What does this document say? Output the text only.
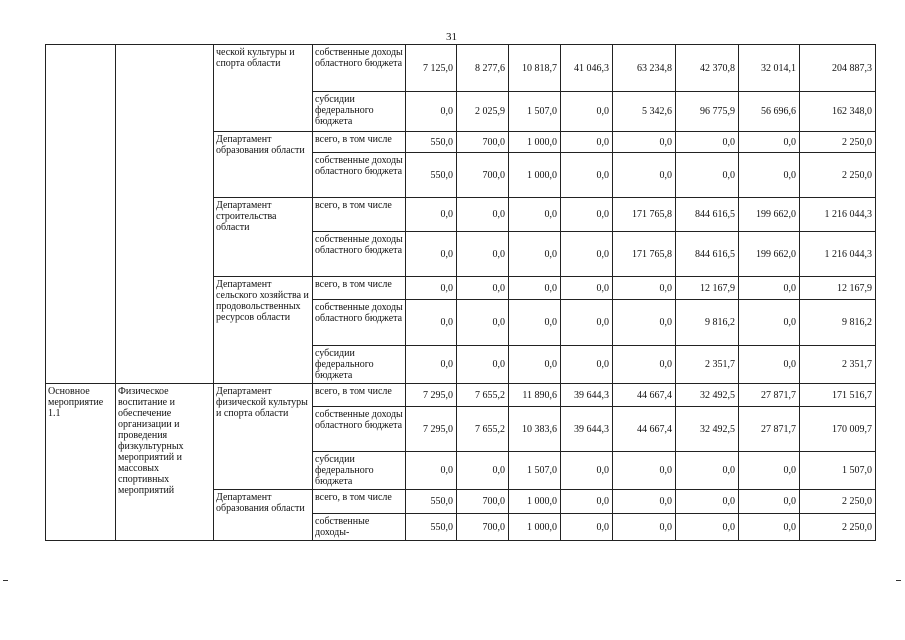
31
		ческой культуры и спорта области	собственные доходы областного бюджета	7 125,0	8 277,6	10 818,7	41 046,3	63 234,8	42 370,8	32 014,1	204 887,3
			субсидии федерального бюджета	0,0	2 025,9	1 507,0	0,0	5 342,6	96 775,9	56 696,6	162 348,0
		Департамент образования области	всего, в том числе	550,0	700,0	1 000,0	0,0	0,0	0,0	0,0	2 250,0
			собственные доходы областного бюджета	550,0	700,0	1 000,0	0,0	0,0	0,0	0,0	2 250,0
		Департамент строительства области	всего, в том числе	0,0	0,0	0,0	0,0	171 765,8	844 616,5	199 662,0	1 216 044,3
			собственные доходы областного бюджета	0,0	0,0	0,0	0,0	171 765,8	844 616,5	199 662,0	1 216 044,3
		Департамент сельского хозяйства и продовольственных ресурсов области	всего, в том числе	0,0	0,0	0,0	0,0	0,0	12 167,9	0,0	12 167,9
			собственные доходы областного бюджета	0,0	0,0	0,0	0,0	0,0	9 816,2	0,0	9 816,2
			субсидии федерального бюджета	0,0	0,0	0,0	0,0	0,0	2 351,7	0,0	2 351,7
Основное мероприятие 1.1	Физическое воспитание и обеспечение организации и проведения физкультурных мероприятий и массовых спортивных мероприятий	Департамент физической культуры и спорта области	всего, в том числе	7 295,0	7 655,2	11 890,6	39 644,3	44 667,4	32 492,5	27 871,7	171 516,7
			собственные доходы областного бюджета	7 295,0	7 655,2	10 383,6	39 644,3	44 667,4	32 492,5	27 871,7	170 009,7
			субсидии федерального бюджета	0,0	0,0	1 507,0	0,0	0,0	0,0	0,0	1 507,0
		Департамент образования области	всего, в том числе	550,0	700,0	1 000,0	0,0	0,0	0,0	0,0	2 250,0
			собственные доходы-	550,0	700,0	1 000,0	0,0	0,0	0,0	0,0	2 250,0
